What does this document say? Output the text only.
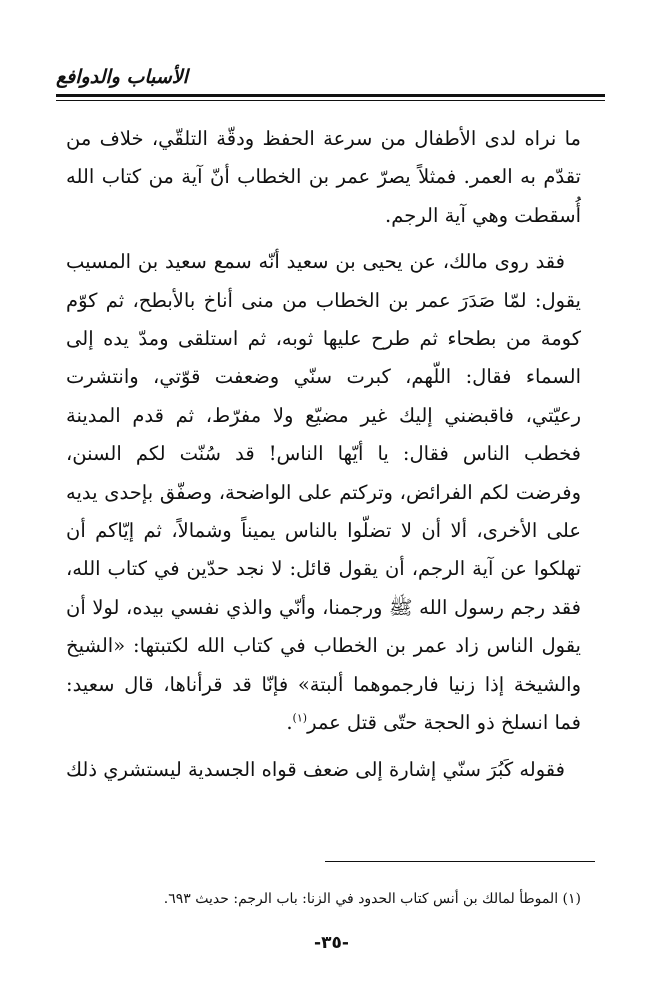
الأسباب والدوافع

ما نراه لدى الأطفال من سرعة الحفظ ودقّة التلقّي، خلاف من تقدّم به العمر. فمثلاً يصرّ عمر بن الخطاب أنّ آية من كتاب الله أُسقطت وهي آية الرجم.

فقد روى مالك، عن يحيى بن سعيد أنّه سمع سعيد بن المسيب يقول: لمّا صَدَرَ عمر بن الخطاب من منى أناخ بالأبطح، ثم كوّم كومة من بطحاء ثم طرح عليها ثوبه، ثم استلقى ومدّ يده إلى السماء فقال: اللّهم، كبرت سنّي وضعفت قوّتي، وانتشرت رعيّتي، فاقبضني إليك غير مضيّع ولا مفرّط، ثم قدم المدينة فخطب الناس فقال: يا أيّها الناس! قد سُنّت لكم السنن، وفرضت لكم الفرائض، وتركتم على الواضحة، وصفّق بإحدى يديه على الأخرى، ألا أن لا تضلّوا بالناس يميناً وشمالاً، ثم إيّاكم أن تهلكوا عن آية الرجم، أن يقول قائل: لا نجد حدّين في كتاب الله، فقد رجم رسول الله ﷺ ورجمنا، وأنّي والذي نفسي بيده، لولا أن يقول الناس زاد عمر بن الخطاب في كتاب الله لكتبتها: «الشيخ والشيخة إذا زنيا فارجموهما ألبتة» فإنّا قد قرأناها، قال سعيد: فما انسلخ ذو الحجة حتّى قتل عمر$^{(١)}$.

فقوله كَبُرَ سنّي إشارة إلى ضعف قواه الجسدية ليستشري ذلك

(١) الموطأ لمالك بن أنس كتاب الحدود في الزنا: باب الرجم: حديث ٦٩٣.
-٣٥-
